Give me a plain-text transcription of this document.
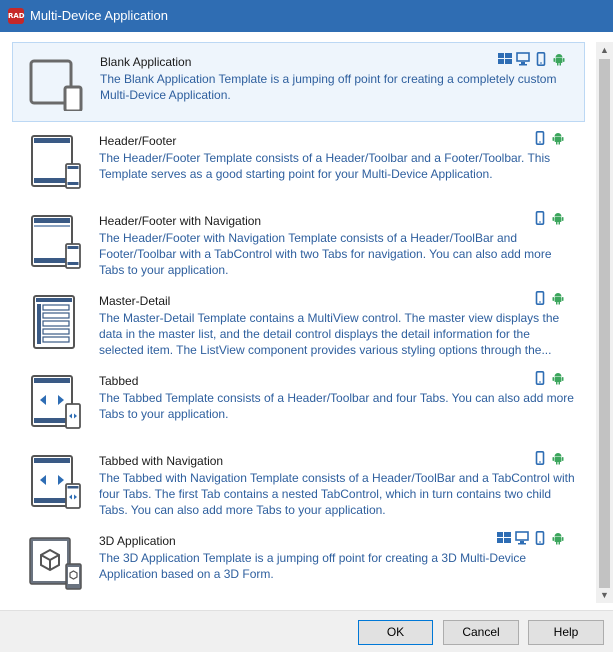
RAD Multi-Device Application
Blank Application
The Blank Application Template is a jumping off point for creating a completely custom Multi-Device Application.
Header/Footer
The Header/Footer Template consists of a Header/Toolbar and a Footer/Toolbar. This Template serves as a good starting point for your Multi-Device Application.
Header/Footer with Navigation
The Header/Footer with Navigation Template consists of a Header/ToolBar and Footer/Toolbar with a TabControl with two Tabs for navigation. You can also add more Tabs to your application.
Master-Detail
The Master-Detail Template contains a MultiView control. The master view displays the data in the master list, and the detail control displays the detail information for the selected item. The ListView component provides various styling options through the...
Tabbed
The Tabbed Template consists of a Header/Toolbar and four Tabs. You can also add more Tabs to your application.
Tabbed with Navigation
The Tabbed with Navigation Template consists of a Header/ToolBar and a TabControl with four Tabs. The first Tab contains a nested TabControl, which in turn contains two child Tabs. You can also add more Tabs to your application.
3D Application
The 3D Application Template is a jumping off point for creating a 3D Multi-Device Application based on a 3D Form.
▲
▼
OK	Cancel	Help
